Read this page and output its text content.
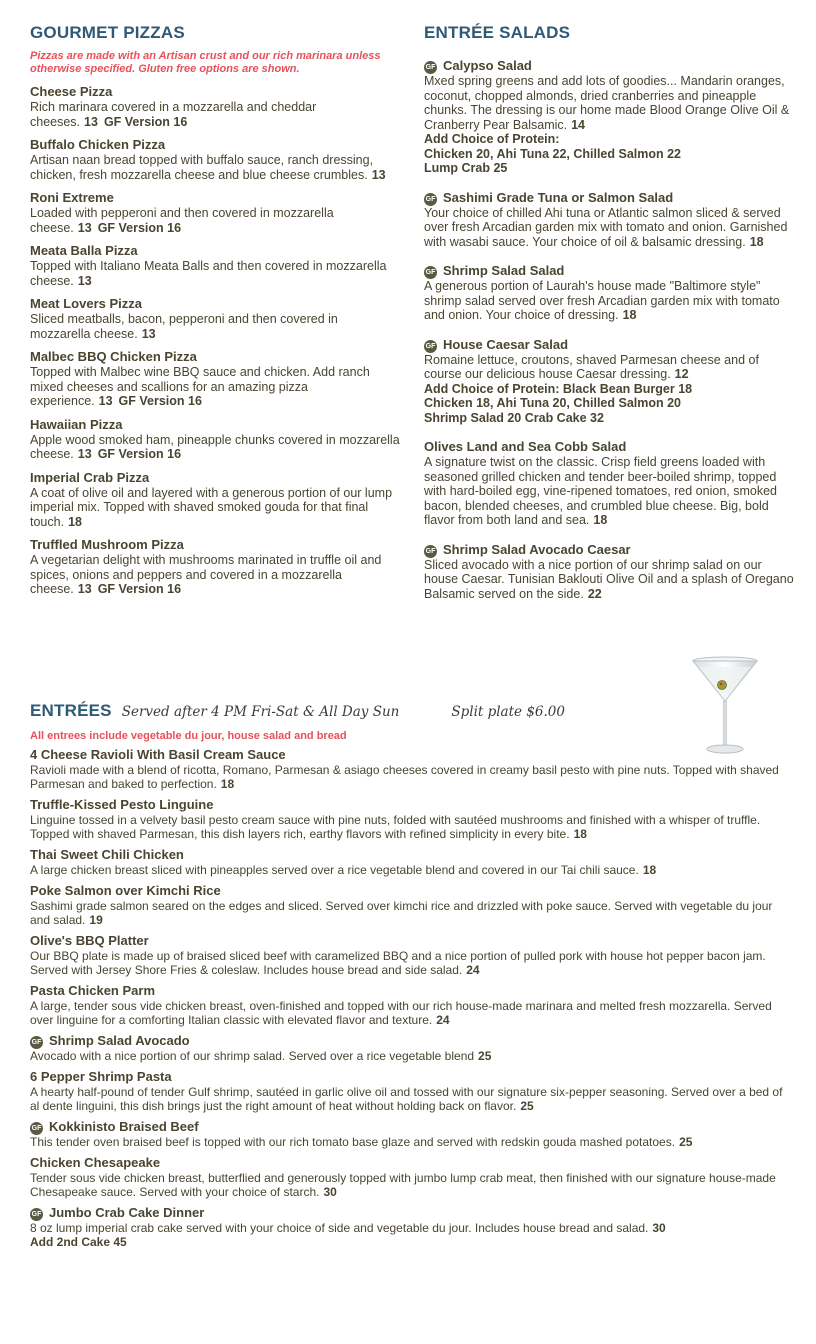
GOURMET PIZZAS
Pizzas are made with an Artisan crust and our rich marinara unless otherwise specified. Gluten free options are shown.
Cheese Pizza
Rich marinara covered in a mozzarella and cheddar cheeses. 13 GF Version 16
Buffalo Chicken Pizza
Artisan naan bread topped with buffalo sauce, ranch dressing, chicken, fresh mozzarella cheese and blue cheese crumbles. 13
Roni Extreme
Loaded with pepperoni and then covered in mozzarella cheese. 13 GF Version 16
Meata Balla Pizza
Topped with Italiano Meata Balls and then covered in mozzarella cheese. 13
Meat Lovers Pizza
Sliced meatballs, bacon, pepperoni and then covered in mozzarella cheese. 13
Malbec BBQ Chicken Pizza
Topped with Malbec wine BBQ sauce and chicken. Add ranch mixed cheeses and scallions for an amazing pizza experience. 13 GF Version 16
Hawaiian Pizza
Apple wood smoked ham, pineapple chunks covered in mozzarella cheese. 13 GF Version 16
Imperial Crab Pizza
A coat of olive oil and layered with a generous portion of our lump imperial mix. Topped with shaved smoked gouda for that final touch. 18
Truffled Mushroom Pizza
A vegetarian delight with mushrooms marinated in truffle oil and spices, onions and peppers and covered in a mozzarella cheese. 13 GF Version 16
ENTRÉE SALADS
GF Calypso Salad
Mxed spring greens and add lots of goodies... Mandarin oranges, coconut, chopped almonds, dried cranberries and pineapple chunks. The dressing is our home made Blood Orange Olive Oil & Cranberry Pear Balsamic. 14
Add Choice of Protein:
Chicken 20, Ahi Tuna 22, Chilled Salmon 22
Lump Crab 25
GF Sashimi Grade Tuna or Salmon Salad
Your choice of chilled Ahi tuna or Atlantic salmon sliced & served over fresh Arcadian garden mix with tomato and onion. Garnished with wasabi sauce. Your choice of oil & balsamic dressing. 18
GF Shrimp Salad Salad
A generous portion of Laurah's house made "Baltimore style" shrimp salad served over fresh Arcadian garden mix with tomato and onion. Your choice of dressing. 18
GF House Caesar Salad
Romaine lettuce, croutons, shaved Parmesan cheese and of course our delicious house Caesar dressing. 12
Add Choice of Protein: Black Bean Burger 18
Chicken 18, Ahi Tuna 20, Chilled Salmon 20
Shrimp Salad 20 Crab Cake 32
Olives Land and Sea Cobb Salad
A signature twist on the classic. Crisp field greens loaded with seasoned grilled chicken and tender beer-boiled shrimp, topped with hard-boiled egg, vine-ripened tomatoes, red onion, smoked bacon, blended cheeses, and crumbled blue cheese. Big, bold flavor from both land and sea. 18
GF Shrimp Salad Avocado Caesar
Sliced avocado with a nice portion of our shrimp salad on our house Caesar. Tunisian Baklouti Olive Oil and a splash of Oregano Balsamic served on the side. 22
ENTRÉES Served after 4 PM Fri-Sat & All Day Sun	Split plate $6.00
All entrees include vegetable du jour, house salad and bread
4 Cheese Ravioli With Basil Cream Sauce
Ravioli made with a blend of ricotta, Romano, Parmesan & asiago cheeses covered in creamy basil pesto with pine nuts. Topped with shaved Parmesan and baked to perfection. 18
Truffle-Kissed Pesto Linguine
Linguine tossed in a velvety basil pesto cream sauce with pine nuts, folded with sautéed mushrooms and finished with a whisper of truffle. Topped with shaved Parmesan, this dish layers rich, earthy flavors with refined simplicity in every bite. 18
Thai Sweet Chili Chicken
A large chicken breast sliced with pineapples served over a rice vegetable blend and covered in our Tai chili sauce. 18
Poke Salmon over Kimchi Rice
Sashimi grade salmon seared on the edges and sliced. Served over kimchi rice and drizzled with poke sauce. Served with vegetable du jour and salad. 19
Olive's BBQ Platter
Our BBQ plate is made up of braised sliced beef with caramelized BBQ and a nice portion of pulled pork with house hot pepper bacon jam. Served with Jersey Shore Fries & coleslaw. Includes house bread and side salad. 24
Pasta Chicken Parm
A large, tender sous vide chicken breast, oven-finished and topped with our rich house-made marinara and melted fresh mozzarella. Served over linguine for a comforting Italian classic with elevated flavor and texture. 24
GF Shrimp Salad Avocado
Avocado with a nice portion of our shrimp salad. Served over a rice vegetable blend 25
6 Pepper Shrimp Pasta
A hearty half-pound of tender Gulf shrimp, sautéed in garlic olive oil and tossed with our signature six-pepper seasoning. Served over a bed of al dente linguini, this dish brings just the right amount of heat without holding back on flavor. 25
GF Kokkinisto Braised Beef
This tender oven braised beef is topped with our rich tomato base glaze and served with redskin gouda mashed potatoes. 25
Chicken Chesapeake
Tender sous vide chicken breast, butterflied and generously topped with jumbo lump crab meat, then finished with our signature house-made Chesapeake sauce. Served with your choice of starch. 30
GF Jumbo Crab Cake Dinner
8 oz lump imperial crab cake served with your choice of side and vegetable du jour. Includes house bread and salad. 30
Add 2nd Cake 45
